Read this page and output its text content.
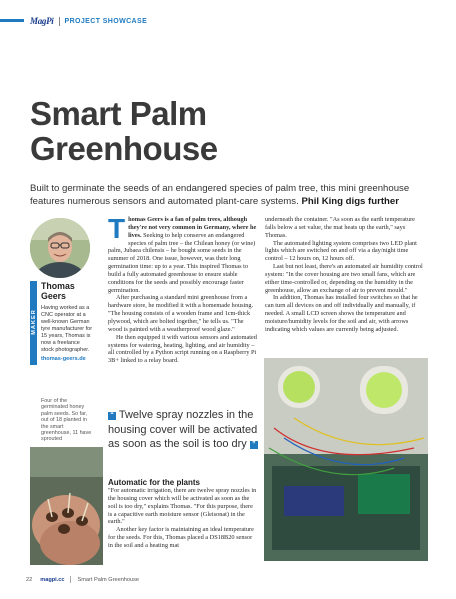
MagPi PROJECT SHOWCASE
Smart Palm
Greenhouse

Built to germinate the seeds of an endangered species of palm tree, this mini greenhouse features numerous sensors and automated plant-care systems. Phil King digs further

MAKER
Thomas Geers
Having worked as a CNC operator at a well-known German tyre manufacturer for 15 years, Thomas is now a freelance stock photographer.
thomas-geers.de
Four of the germinated honey palm seeds. So far, out of 18 planted in the smart greenhouse, 11 have sprouted

Thomas Geers is a fan of palm trees, although they're not very common in Germany, where he lives. Seeking to help conserve an endangered species of palm tree – the Chilean honey (or wine) palm, Jubaea chilensis – he bought some seeds in the summer of 2018. One issue, however, was their long germination time: up to a year. This inspired Thomas to build a fully automated greenhouse to ensure stable conditions for the seeds and possibly encourage faster germination.

After purchasing a standard mini greenhouse from a hardware store, he modified it with a homemade housing. "The housing consists of a wooden frame and 1cm-thick plywood, which are bolted together," he tells us. "The wood is painted with a weatherproof wood glaze."

He then equipped it with various sensors and automated systems for watering, heating, lighting, and air humidity – all controlled by a Python script running on a Raspberry Pi 3B+ linked to a relay board.

“ Twelve spray nozzles in the housing cover will be activated as soon as the soil is too dry ”
Automatic for the plants

"For automatic irrigation, there are twelve spray nozzles in the housing cover which will be activated as soon as the soil is too dry," explains Thomas. "For this purpose, there is a capacitive earth moisture sensor (Gleisonat) in the earth."

Another key factor is maintaining an ideal temperature for the seeds. For this, Thomas placed a DS18B20 sensor in the soil and a heating mat

underneath the container. "As soon as the earth temperature falls below a set value, the mat heats up the earth," says Thomas.

The automated lighting system comprises two LED plant lights which are switched on and off via a day/night time control – 12 hours on, 12 hours off.

Last but not least, there's an automated air humidity control system: "In the cover housing are two small fans, which are either time-controlled or, depending on the humidity in the greenhouse, allow an exchange of air to prevent mould."

In addition, Thomas has installed four switches so that he can turn all devices on and off individually and manually, if needed. A small LCD screen shows the temperature and moisture/humidity levels for the soil and air, with arrows indicating which values are currently being adjusted.

22 magpi.cc Smart Palm Greenhouse
